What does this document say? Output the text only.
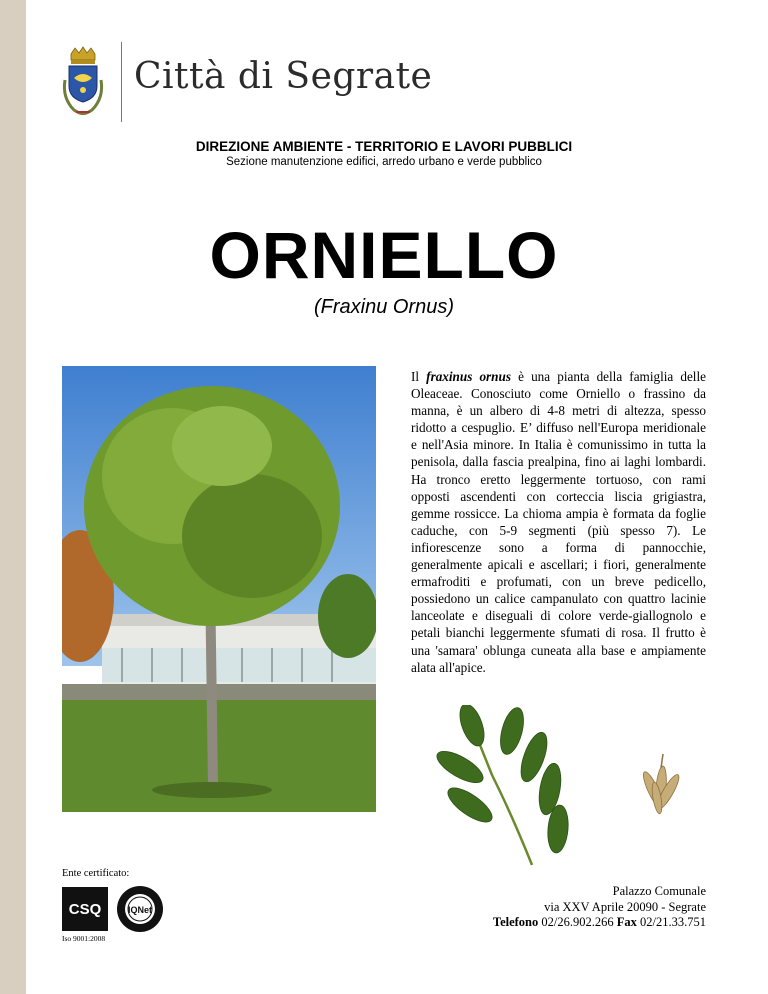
Città di Segrate
DIREZIONE AMBIENTE - TERRITORIO E LAVORI PUBBLICI
Sezione manutenzione edifici, arredo urbano e verde pubblico
ORNIELLO
(Fraxinu Ornus)
Il fraxinus ornus è una pianta della famiglia delle Oleaceae. Conosciuto come Orniello o frassino da manna, è un albero di 4-8 metri di altezza, spesso ridotto a cespuglio. E’ diffuso nell'Europa meridionale e nell'Asia minore. In Italia è comunissimo in tutta la penisola, dalla fascia prealpina, fino ai laghi lombardi. Ha tronco eretto leggermente tortuoso, con rami opposti ascendenti con corteccia liscia grigiastra, gemme rossicce. La chioma ampia è formata da foglie caduche, con 5-9 segmenti (più spesso 7). Le infiorescenze sono a forma di pannocchie, generalmente apicali e ascellari; i fiori, generalmente ermafroditi e profumati, con un breve pedicello, possiedono un calice campanulato con quattro lacinie lanceolate e diseguali di colore verde-giallognolo e petali bianchi leggermente sfumati di rosa. Il frutto è una 'samara' oblunga cuneata alla base e ampiamente alata all'apice.
Ente certificato:
CSQ	IQNet
Iso 9001:2008
Palazzo Comunale
via XXV Aprile 20090 - Segrate
Telefono 02/26.902.266 Fax 02/21.33.751
